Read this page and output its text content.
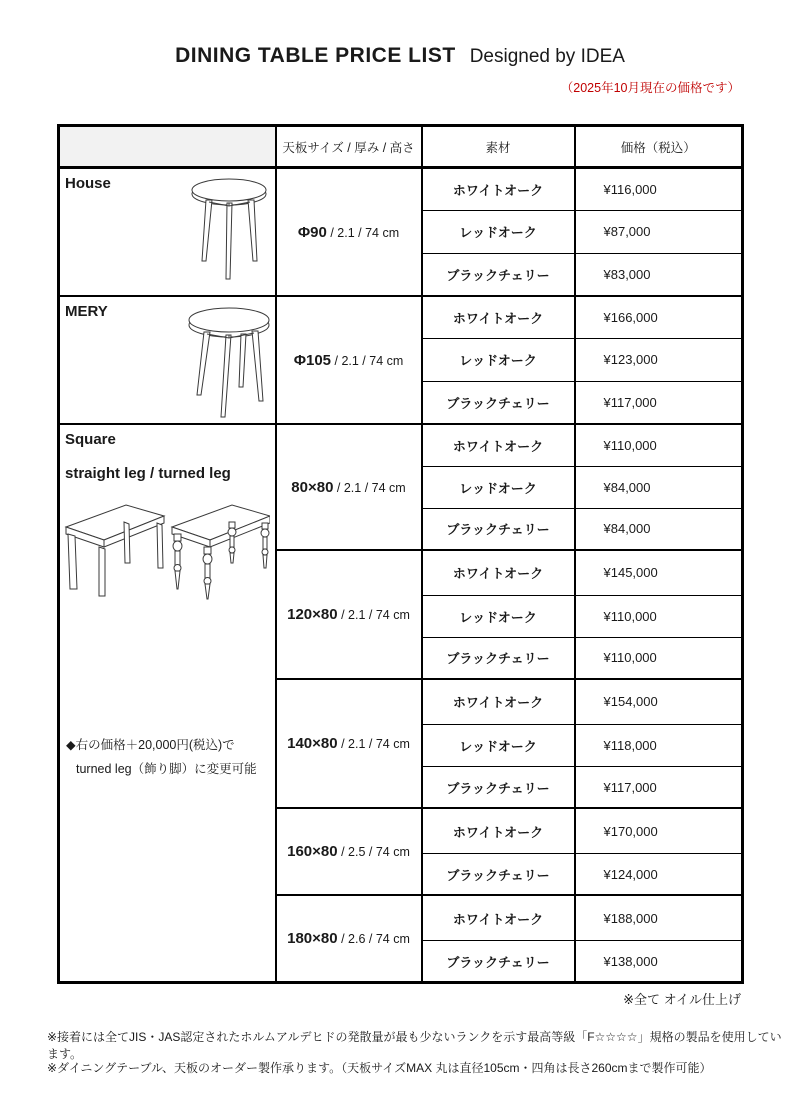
DINING TABLE PRICE LIST Designed by IDEA
（2025年10月現在の価格です）
	天板サイズ / 厚み / 高さ	素材	価格（税込）

House	Φ90 / 2.1 / 74 cm	ホワイトオーク	¥116,000
		レッドオーク	¥87,000
		ブラックチェリー	¥83,000

MERY	Φ105 / 2.1 / 74 cm	ホワイトオーク	¥166,000
		レッドオーク	¥123,000
		ブラックチェリー	¥117,000

Square
straight leg / turned leg
◆右の価格＋20,000円(税込)で
turned leg（飾り脚）に変更可能	80×80 / 2.1 / 74 cm	ホワイトオーク	¥110,000
		レッドオーク	¥84,000
		ブラックチェリー	¥84,000
	120×80 / 2.1 / 74 cm	ホワイトオーク	¥145,000
		レッドオーク	¥110,000
		ブラックチェリー	¥110,000
	140×80 / 2.1 / 74 cm	ホワイトオーク	¥154,000
		レッドオーク	¥118,000
		ブラックチェリー	¥117,000
	160×80 / 2.5 / 74 cm	ホワイトオーク	¥170,000
		ブラックチェリー	¥124,000
	180×80 / 2.6 / 74 cm	ホワイトオーク	¥188,000
		ブラックチェリー	¥138,000
※全て オイル仕上げ
※接着には全てJIS・JAS認定されたホルムアルデヒドの発散量が最も少ないランクを示す最高等級「F☆☆☆☆」規格の製品を使用しています。
※ダイニングテーブル、天板のオーダー製作承ります。（天板サイズMAX 丸は直径105cm・四角は長さ260cmまで製作可能）
